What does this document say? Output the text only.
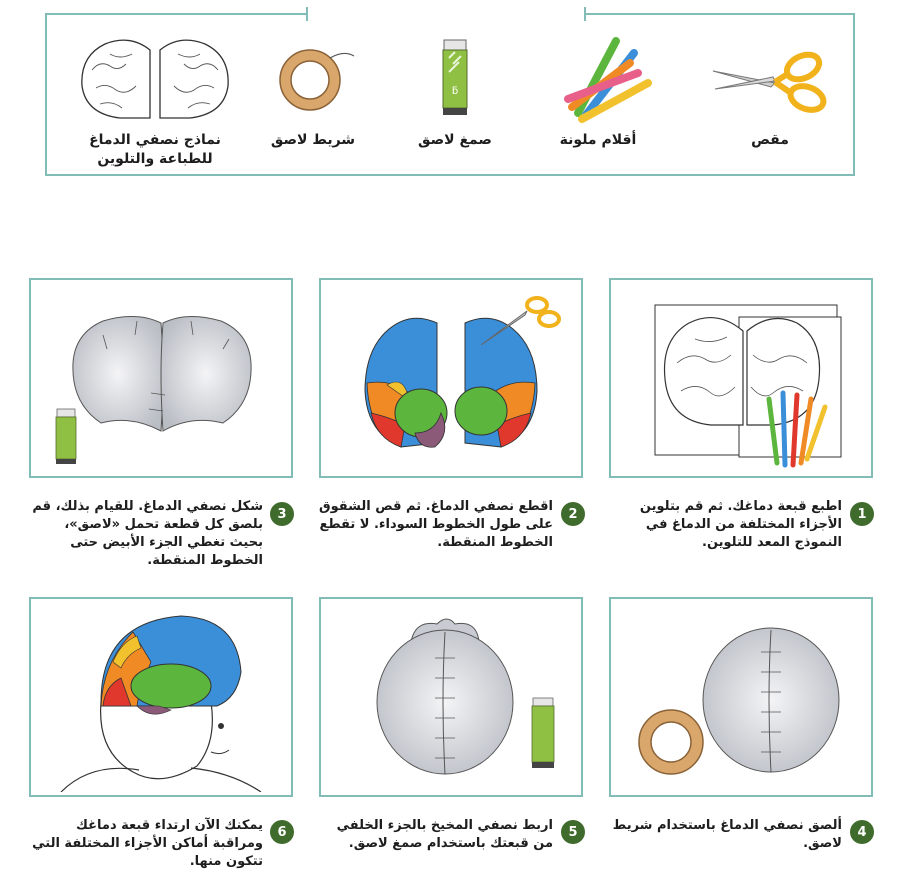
مقص
أقلام ملونة
ƃ
صمغ لاصق
شريط لاصق
نماذج نصفي الدماغ
للطباعة والتلوين
1
اطبع قبعة دماغك. ثم قم بتلوين الأجزاء المختلفة من الدماغ في النموذج المعد للتلوين.
2
اقطع نصفي الدماغ. ثم قص الشقوق على طول الخطوط السوداء. لا تقطع الخطوط المنقطة.
3
شكل نصفي الدماغ. للقيام بذلك، قم بلصق كل قطعة تحمل «لاصق»، بحيث تغطي الجزء الأبيض حتى الخطوط المنقطة.
4
ألصق نصفي الدماغ باستخدام شريط لاصق.
5
اربط نصفي المخيخ بالجزء الخلفي من قبعتك باستخدام صمغ لاصق.
6
يمكنك الآن ارتداء قبعة دماغك ومراقبة أماكن الأجزاء المختلفة التي تتكون منها.
